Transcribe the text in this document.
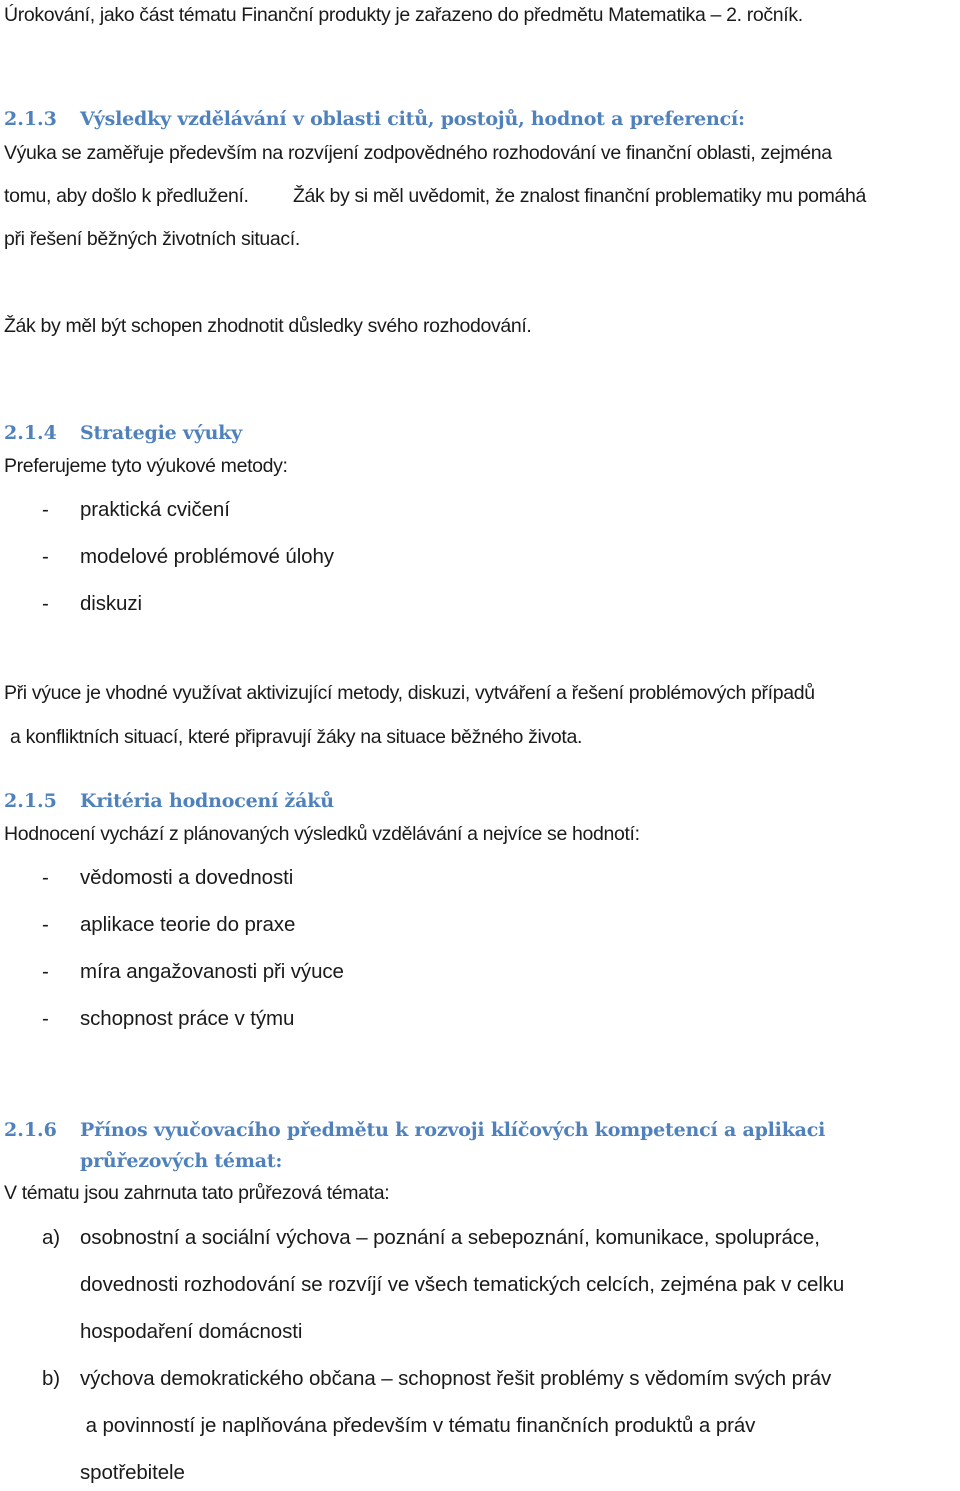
Úrokování, jako část tématu Finanční produkty je zařazeno do předmětu Matematika – 2. ročník.
2.1.3 Výsledky vzdělávání v oblasti citů, postojů, hodnot a preferencí:
Výuka se zaměřuje především na rozvíjení zodpovědného rozhodování ve finanční oblasti, zejména
tomu, aby došlo k předlužení. Žák by si měl uvědomit, že znalost finanční problematiky mu pomáhá
při řešení běžných životních situací.
Žák by měl být schopen zhodnotit důsledky svého rozhodování.
2.1.4 Strategie výuky
Preferujeme tyto výukové metody:
- praktická cvičení
- modelové problémové úlohy
- diskuzi
Při výuce je vhodné využívat aktivizující metody, diskuzi, vytváření a řešení problémových případů
a konfliktních situací, které připravují žáky na situace běžného života.
2.1.5 Kritéria hodnocení žáků
Hodnocení vychází z plánovaných výsledků vzdělávání a nejvíce se hodnotí:
- vědomosti a dovednosti
- aplikace teorie do praxe
- míra angažovanosti při výuce
- schopnost práce v týmu
2.1.6 Přínos vyučovacího předmětu k rozvoji klíčových kompetencí a aplikaci
průřezových témat:
V tématu jsou zahrnuta tato průřezová témata:
a) osobnostní a sociální výchova – poznání a sebepoznání, komunikace, spolupráce,
dovednosti rozhodování se rozvíjí ve všech tematických celcích, zejména pak v celku
hospodaření domácnosti
b) výchova demokratického občana – schopnost řešit problémy s vědomím svých práv
a povinností je naplňována především v tématu finančních produktů a práv
spotřebitele
